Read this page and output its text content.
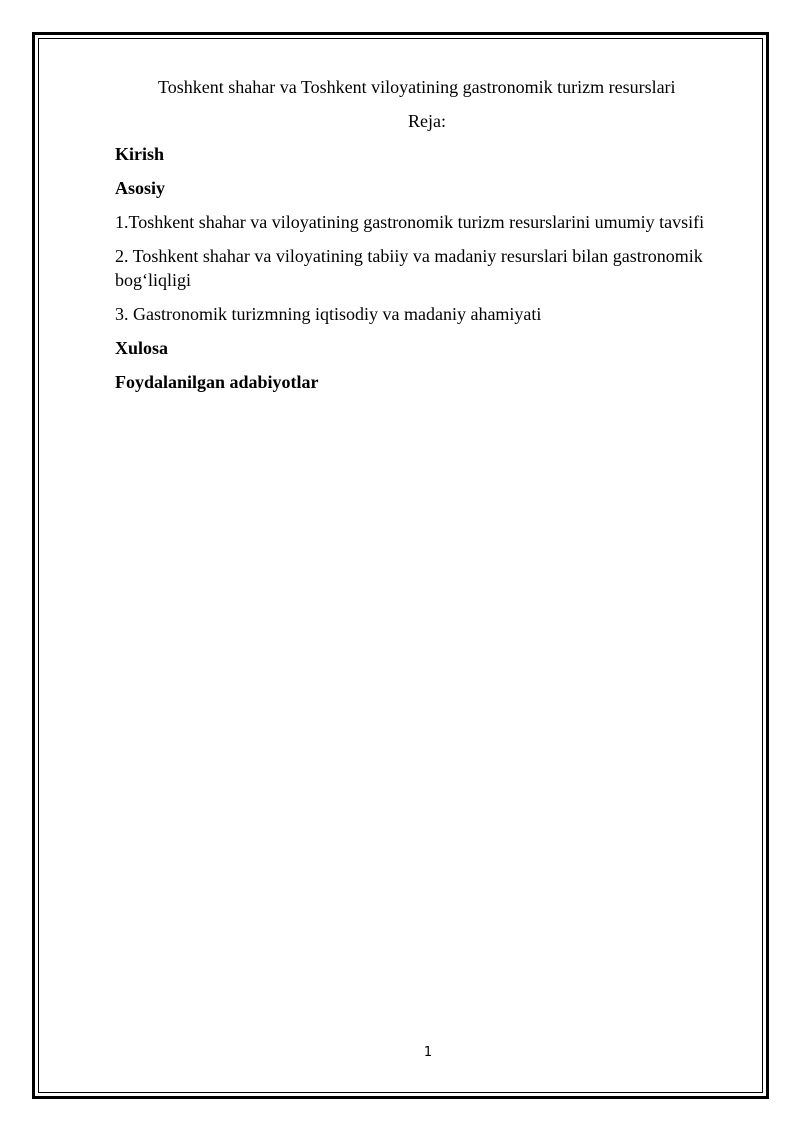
Toshkent shahar va Toshkent viloyatining gastronomik turizm resurslari

Reja:

Kirish

Asosiy

1.Toshkent shahar va viloyatining gastronomik turizm resurslarini umumiy tavsifi

2. Toshkent shahar va viloyatining tabiiy va madaniy resurslari bilan gastronomik bog‘liqligi

3. Gastronomik turizmning iqtisodiy va madaniy ahamiyati

Xulosa

Foydalanilgan adabiyotlar

1
